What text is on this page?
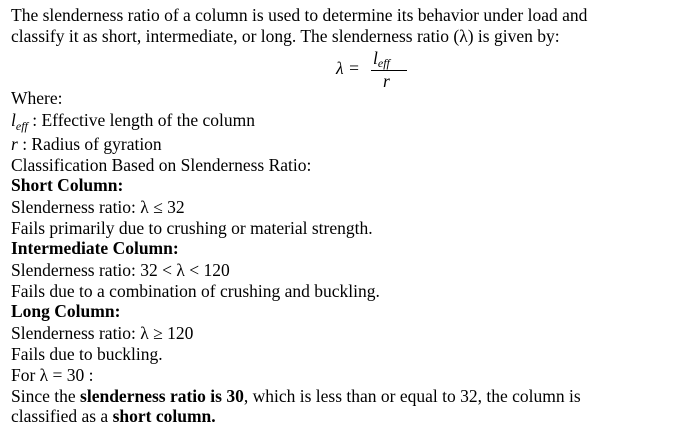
The slenderness ratio of a column is used to determine its behavior under load and
classify it as short, intermediate, or long. The slenderness ratio (λ) is given by:
λ = leff
r
Where:
$l_{eff}$ : Effective length of the column
r : Radius of gyration
Classification Based on Slenderness Ratio:
Short Column:
Slenderness ratio: λ ≤ 32
Fails primarily due to crushing or material strength.
Intermediate Column:
Slenderness ratio: 32 < λ < 120
Fails due to a combination of crushing and buckling.
Long Column:
Slenderness ratio: λ ≥ 120
Fails due to buckling.
For λ = 30 :
Since the slenderness ratio is 30, which is less than or equal to 32, the column is
classified as a short column.
